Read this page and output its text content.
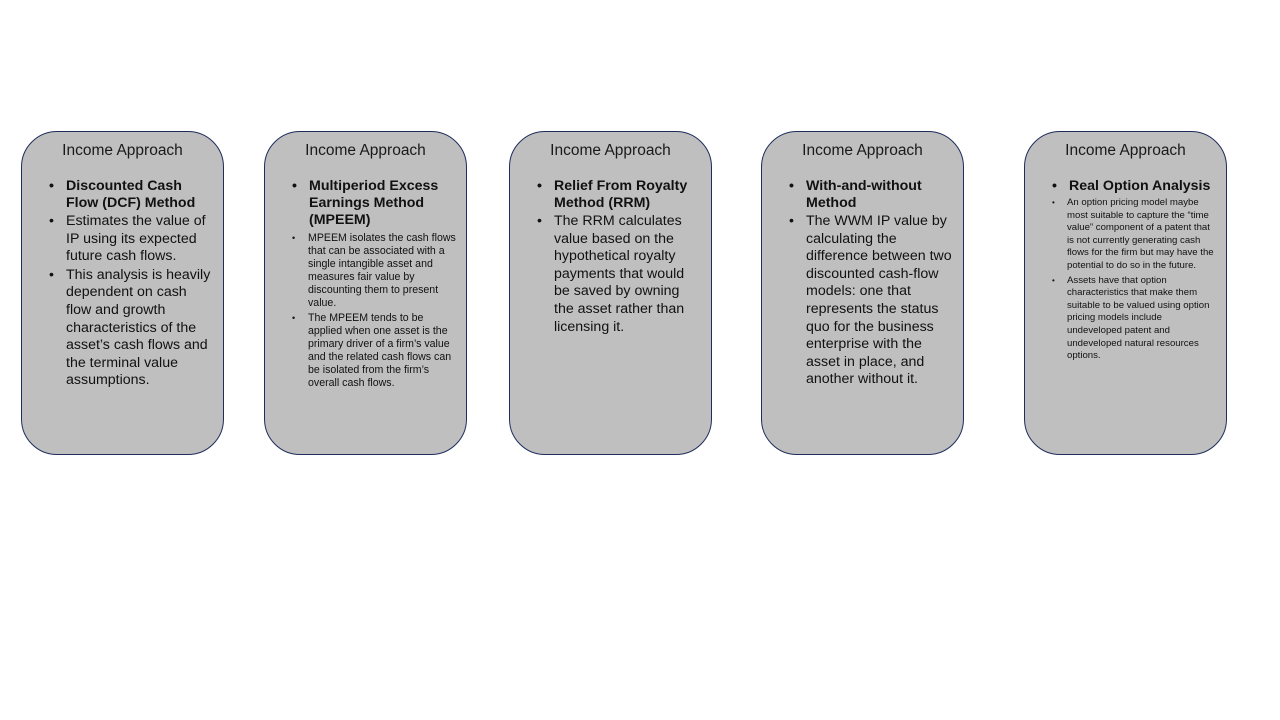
Income Approach
• Discounted Cash Flow (DCF) Method
• Estimates the value of IP using its expected future cash flows.
• This analysis is heavily dependent on cash flow and growth characteristics of the asset’s cash flows and the terminal value assumptions.
Income Approach
• Multiperiod Excess Earnings Method (MPEEM)
• MPEEM isolates the cash flows that can be associated with a single intangible asset and measures fair value by discounting them to present value.
• The MPEEM tends to be applied when one asset is the primary driver of a firm’s value and the related cash flows can be isolated from the firm’s overall cash flows.
Income Approach
• Relief From Royalty Method (RRM)
• The RRM calculates value based on the hypothetical royalty payments that would be saved by owning the asset rather than licensing it.
Income Approach
• With-and-without Method
• The WWM IP value by calculating the difference between two discounted cash-flow models: one that represents the status quo for the business enterprise with the asset in place, and another without it.
Income Approach
• Real Option Analysis
• An option pricing model maybe most suitable to capture the “time value” component of a patent that is not currently generating cash flows for the firm but may have the potential to do so in the future.
• Assets have that option characteristics that make them suitable to be valued using option pricing models include undeveloped patent and undeveloped natural resources options.
